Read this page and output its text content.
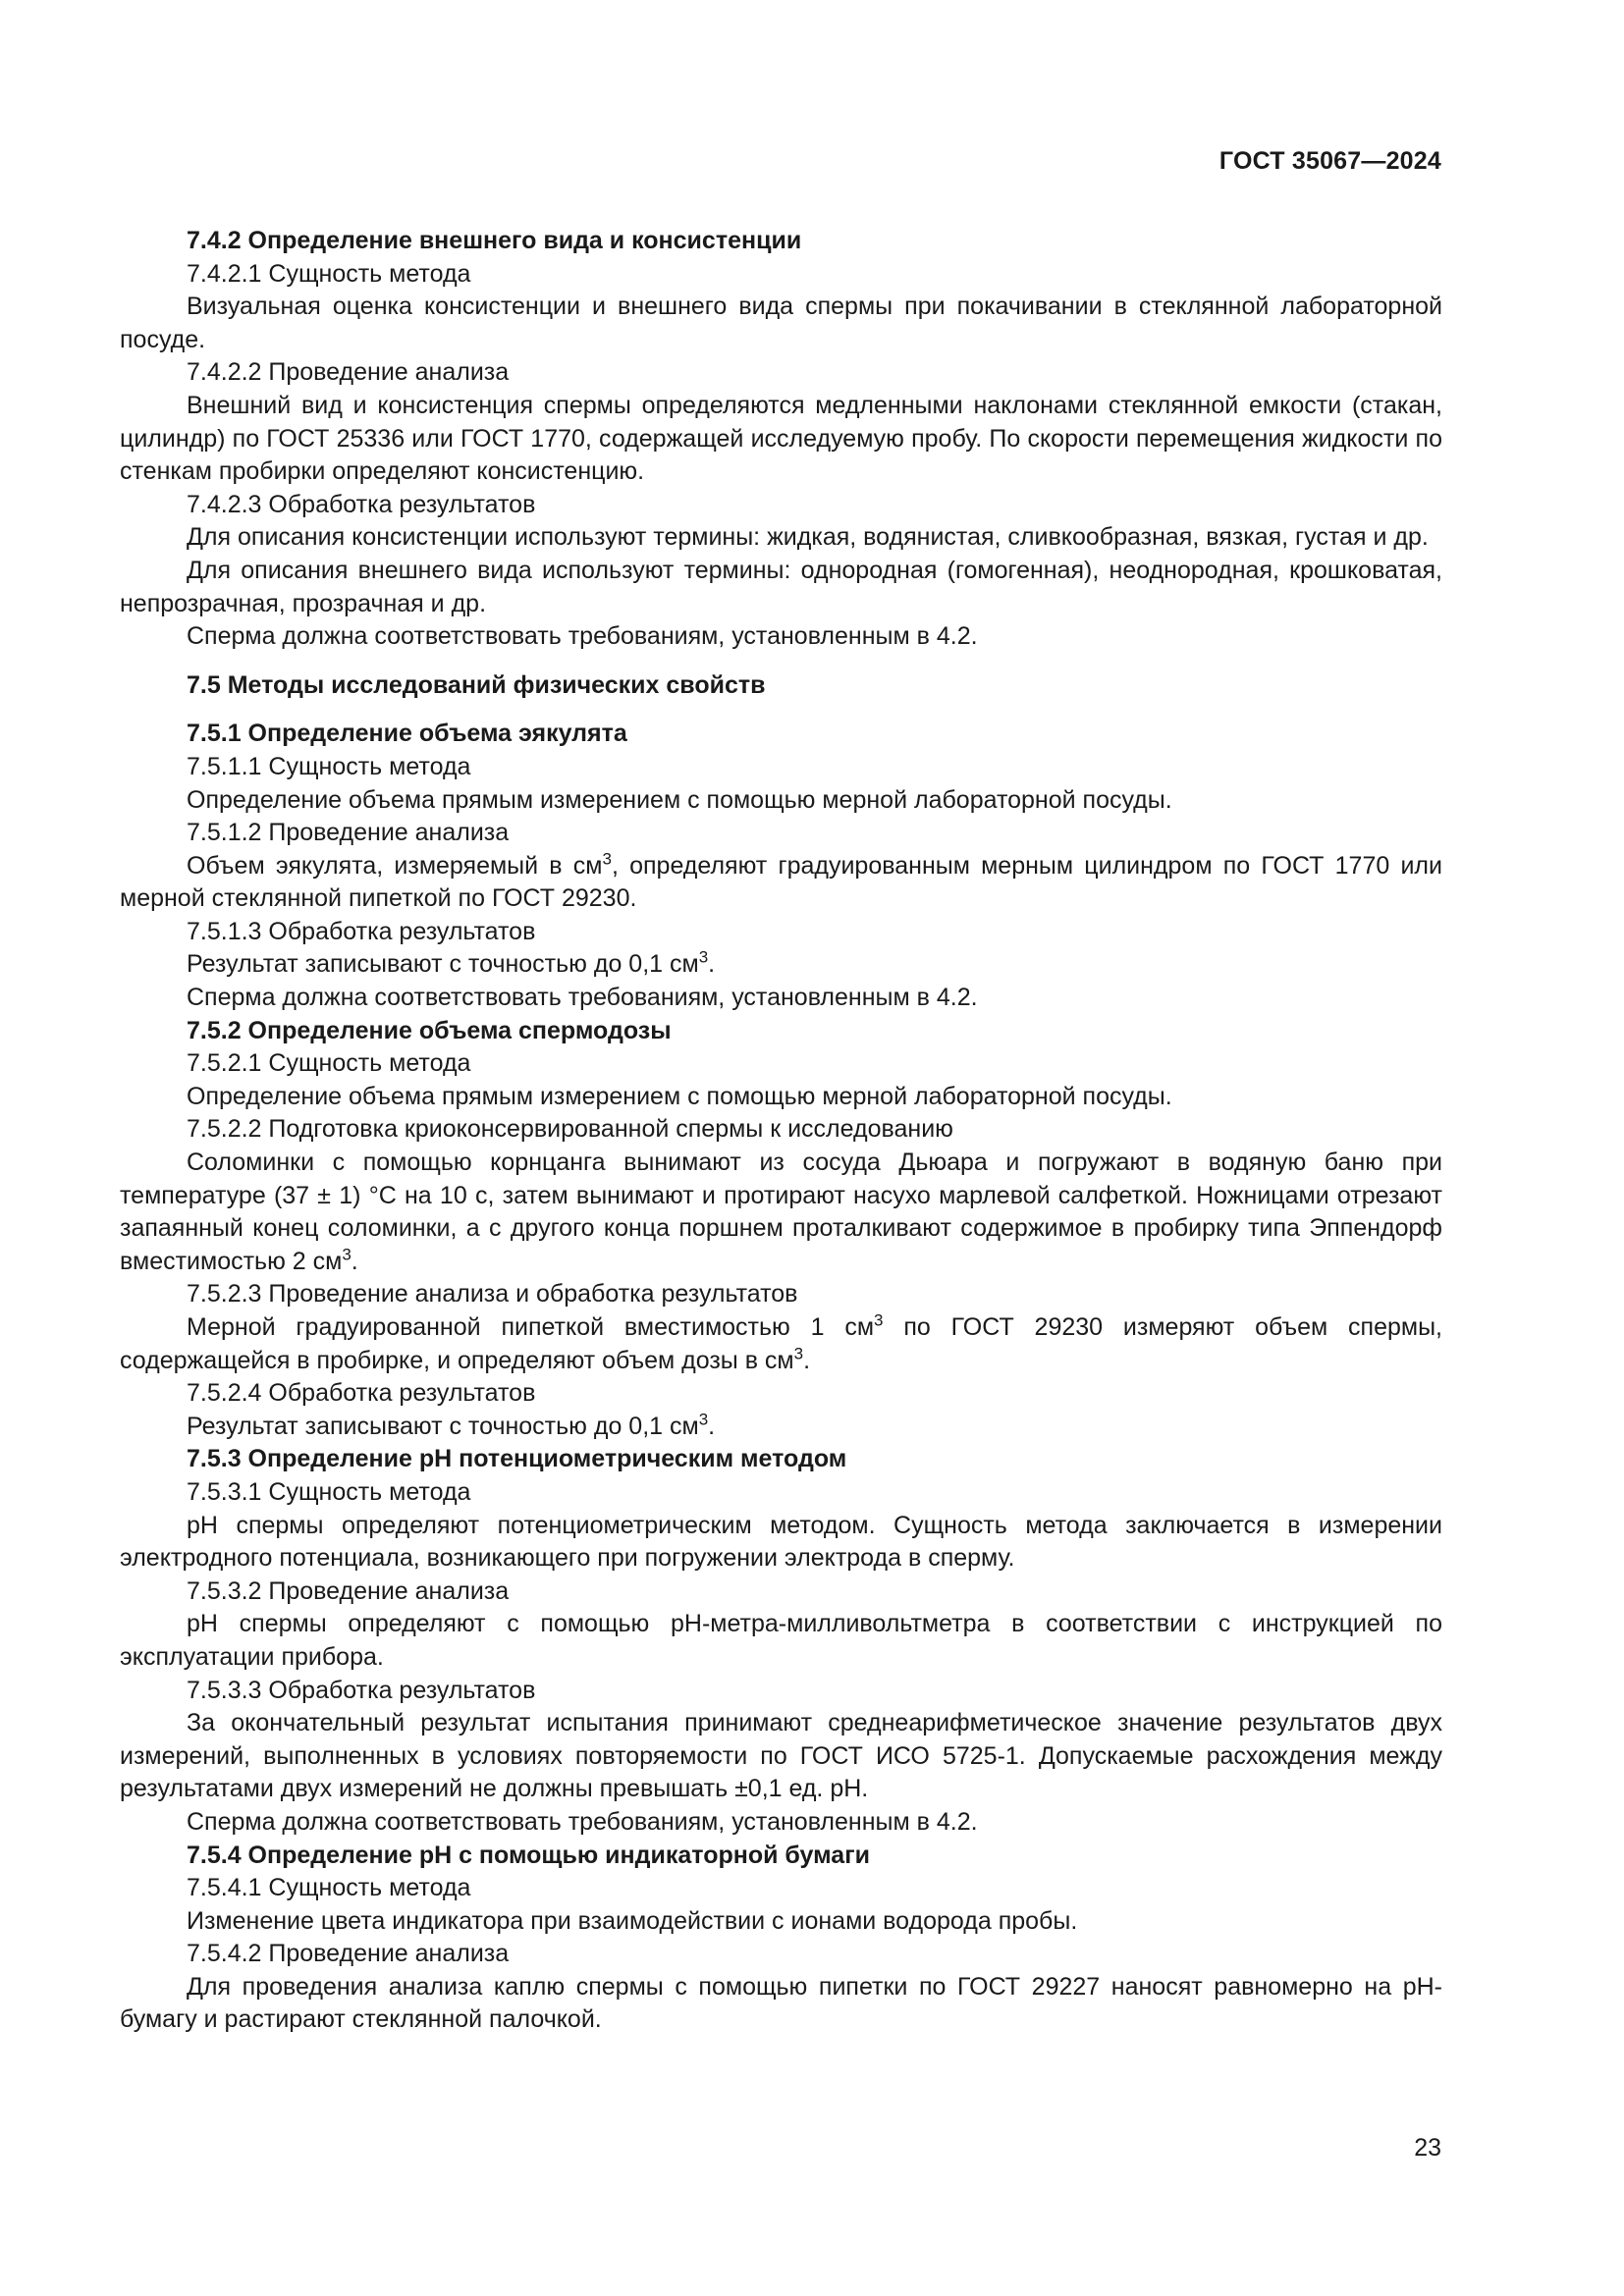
ГОСТ 35067—2024

7.4.2 Определение внешнего вида и консистенции

7.4.2.1 Сущность метода

Визуальная оценка консистенции и внешнего вида спермы при покачивании в стеклянной лабораторной посуде.

7.4.2.2 Проведение анализа

Внешний вид и консистенция спермы определяются медленными наклонами стеклянной емкости (стакан, цилиндр) по ГОСТ 25336 или ГОСТ 1770, содержащей исследуемую пробу. По скорости перемещения жидкости по стенкам пробирки определяют консистенцию.

7.4.2.3 Обработка результатов

Для описания консистенции используют термины: жидкая, водянистая, сливкообразная, вязкая, густая и др.

Для описания внешнего вида используют термины: однородная (гомогенная), неоднородная, крошковатая, непрозрачная, прозрачная и др.

Сперма должна соответствовать требованиям, установленным в 4.2.

7.5 Методы исследований физических свойств

7.5.1 Определение объема эякулята

7.5.1.1 Сущность метода

Определение объема прямым измерением с помощью мерной лабораторной посуды.

7.5.1.2 Проведение анализа

Объем эякулята, измеряемый в $см^3$, определяют градуированным мерным цилиндром по ГОСТ 1770 или мерной стеклянной пипеткой по ГОСТ 29230.

7.5.1.3 Обработка результатов

Результат записывают с точностью до 0,1 $см^3$.

Сперма должна соответствовать требованиям, установленным в 4.2.

7.5.2 Определение объема спермодозы

7.5.2.1 Сущность метода

Определение объема прямым измерением с помощью мерной лабораторной посуды.

7.5.2.2 Подготовка криоконсервированной спермы к исследованию

Соломинки с помощью корнцанга вынимают из сосуда Дьюара и погружают в водяную баню при температуре (37 ± 1) °С на 10 с, затем вынимают и протирают насухо марлевой салфеткой. Ножницами отрезают запаянный конец соломинки, а с другого конца поршнем проталкивают содержимое в пробирку типа Эппендорф вместимостью 2 $см^3$.

7.5.2.3 Проведение анализа и обработка результатов

Мерной градуированной пипеткой вместимостью 1 $см^3$ по ГОСТ 29230 измеряют объем спермы, содержащейся в пробирке, и определяют объем дозы в $см^3$.

7.5.2.4 Обработка результатов

Результат записывают с точностью до 0,1 $см^3$.

7.5.3 Определение pH потенциометрическим методом

7.5.3.1 Сущность метода

pH спермы определяют потенциометрическим методом. Сущность метода заключается в измерении электродного потенциала, возникающего при погружении электрода в сперму.

7.5.3.2 Проведение анализа

pH спермы определяют с помощью pH-метра-милливольтметра в соответствии с инструкцией по эксплуатации прибора.

7.5.3.3 Обработка результатов

За окончательный результат испытания принимают среднеарифметическое значение результатов двух измерений, выполненных в условиях повторяемости по ГОСТ ИСО 5725-1. Допускаемые расхождения между результатами двух измерений не должны превышать ±0,1 ед. pH.

Сперма должна соответствовать требованиям, установленным в 4.2.

7.5.4 Определение pH с помощью индикаторной бумаги

7.5.4.1 Сущность метода

Изменение цвета индикатора при взаимодействии с ионами водорода пробы.

7.5.4.2 Проведение анализа

Для проведения анализа каплю спермы с помощью пипетки по ГОСТ 29227 наносят равномерно на pH-бумагу и растирают стеклянной палочкой.

23
